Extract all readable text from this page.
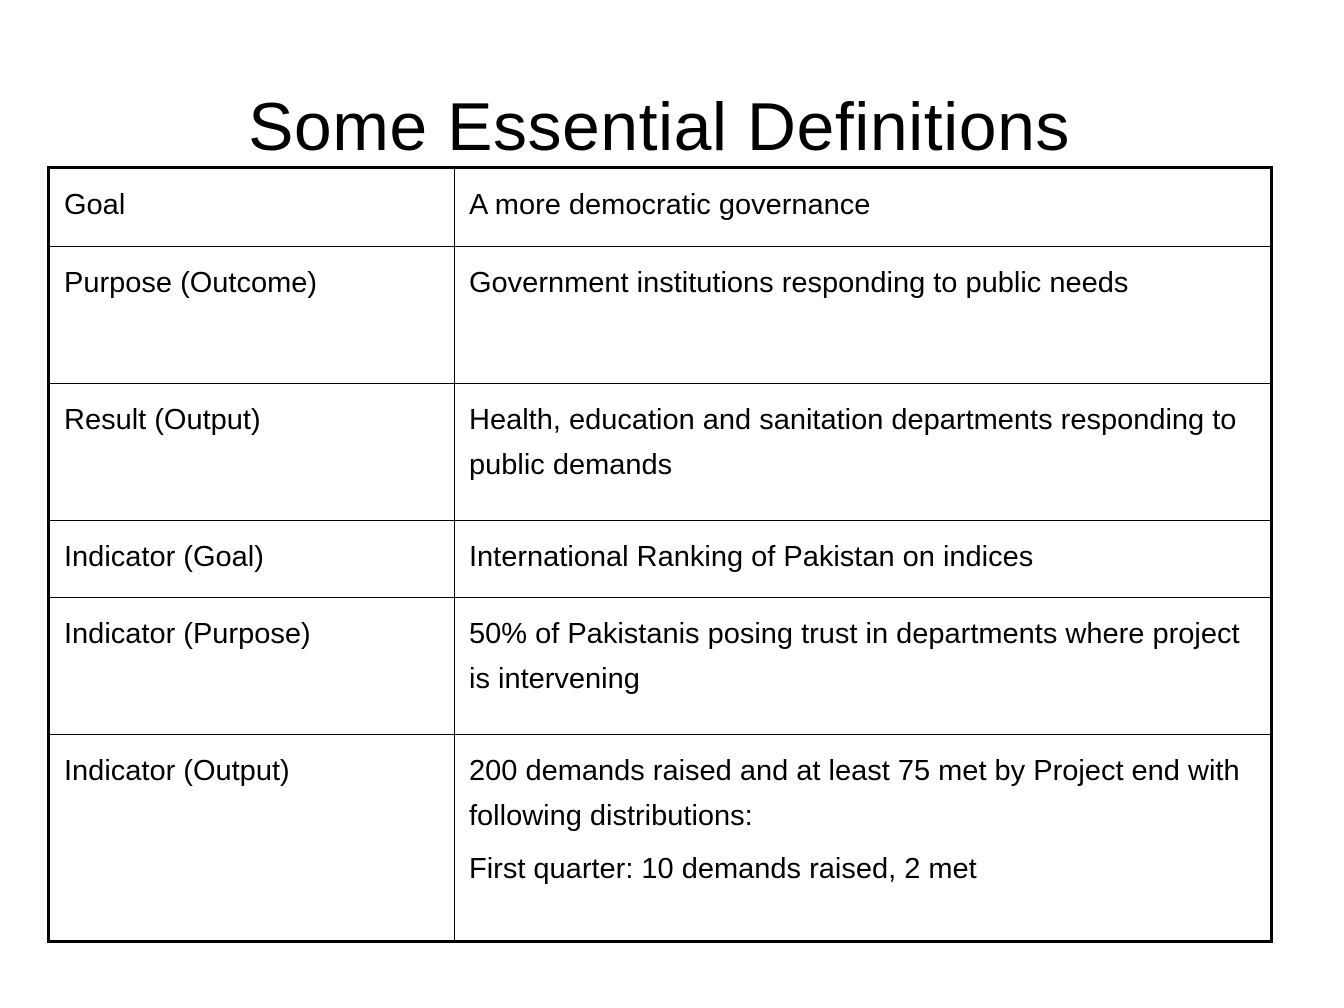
Some Essential Definitions
Goal	A more democratic governance

Purpose (Outcome)	Government institutions responding to public needs

Result (Output)	Health, education and sanitation departments responding to public demands

Indicator (Goal)	International Ranking of Pakistan on indices

Indicator (Purpose)	50% of Pakistanis posing trust in departments where project is intervening

Indicator (Output)	200 demands raised and at least 75 met by Project end with following distributions:
First quarter: 10 demands raised, 2 met
